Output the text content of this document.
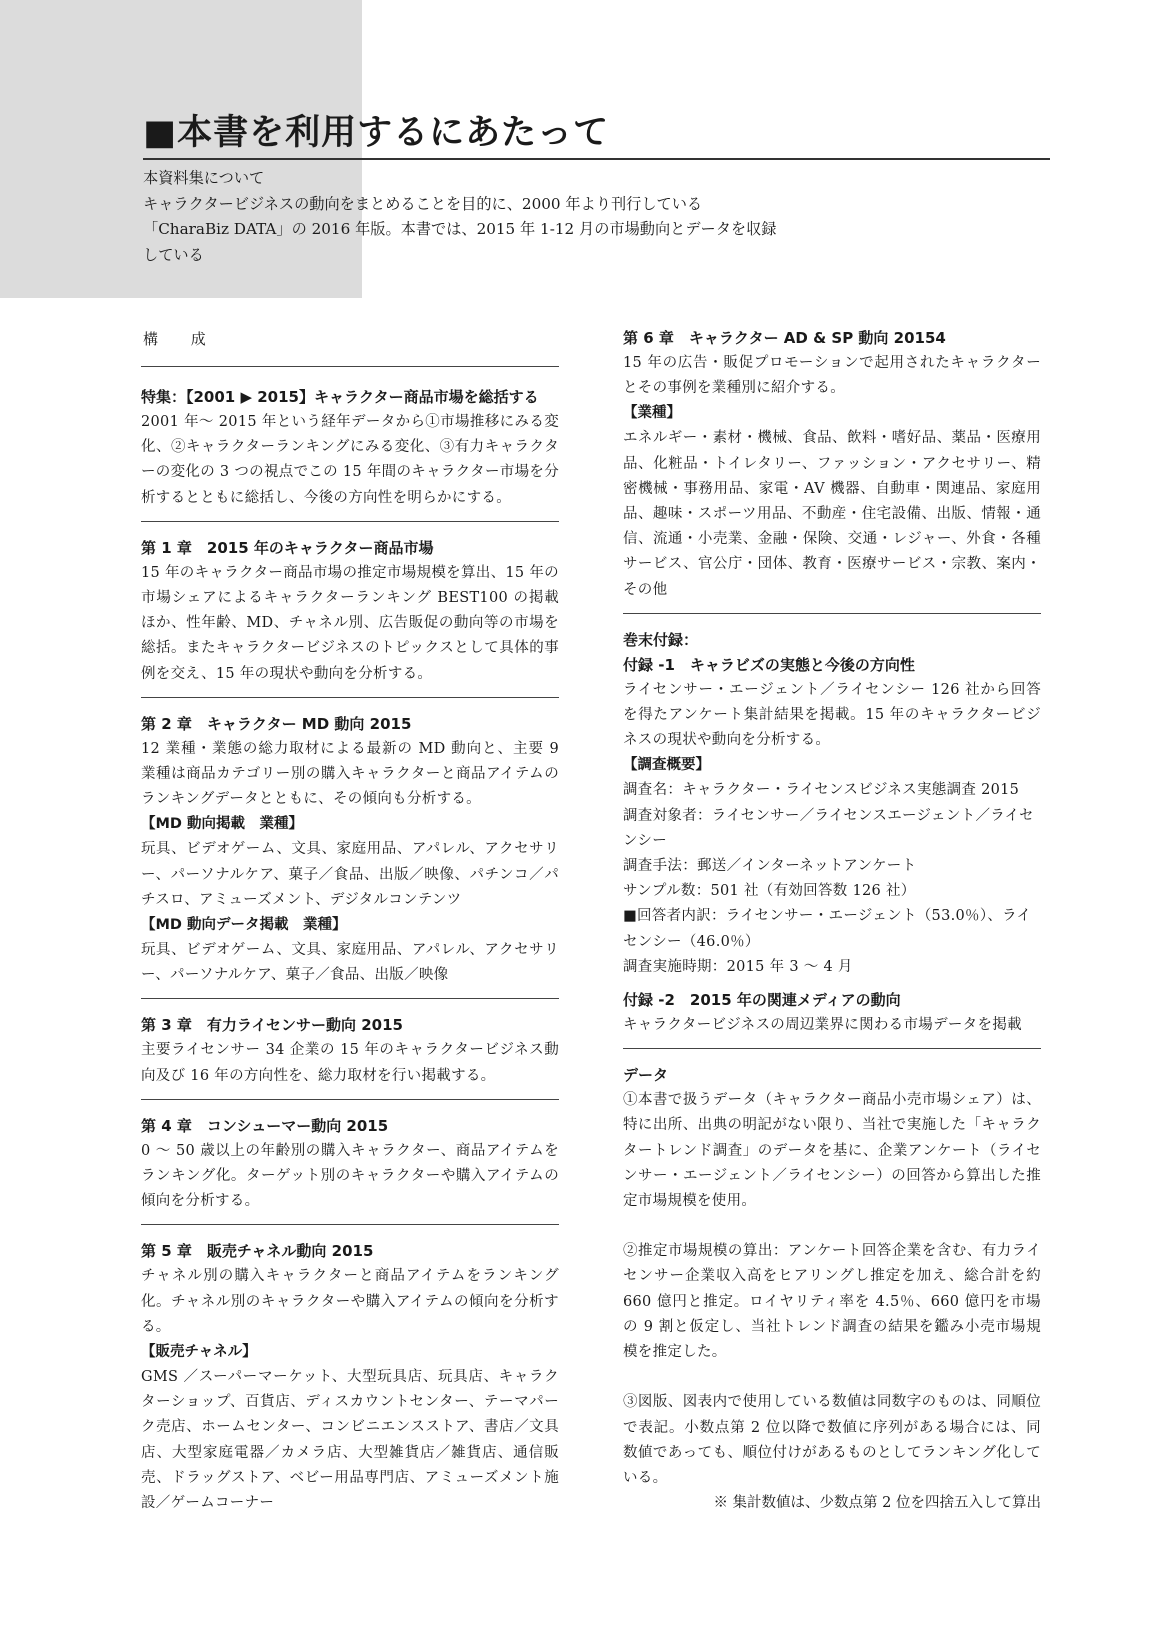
■本書を利用するにあたって

本資料集について

キャラクタービジネスの動向をまとめることを目的に、2000 年より刊行している「CharaBiz DATA」の 2016 年版。本書では、2015 年 1-12 月の市場動向とデータを収録している

構 成
特集：【2001 ▶ 2015】キャラクター商品市場を総括する

2001 年～ 2015 年という経年データから①市場推移にみる変化、②キャラクターランキングにみる変化、③有力キャラクターの変化の 3 つの視点でこの 15 年間のキャラクター市場を分析するとともに総括し、今後の方向性を明らかにする。

第 1 章　2015 年のキャラクター商品市場

15 年のキャラクター商品市場の推定市場規模を算出、15 年の市場シェアによるキャラクターランキング BEST100 の掲載ほか、性年齢、MD、チャネル別、広告販促の動向等の市場を総括。またキャラクタービジネスのトピックスとして具体的事例を交え、15 年の現状や動向を分析する。

第 2 章　キャラクター MD 動向 2015

12 業種・業態の総力取材による最新の MD 動向と、主要 9 業種は商品カテゴリー別の購入キャラクターと商品アイテムのランキングデータとともに、その傾向も分析する。

【MD 動向掲載　業種】

玩具、ビデオゲーム、文具、家庭用品、アパレル、アクセサリー、パーソナルケア、菓子／食品、出版／映像、パチンコ／パチスロ、アミューズメント、デジタルコンテンツ

【MD 動向データ掲載　業種】

玩具、ビデオゲーム、文具、家庭用品、アパレル、アクセサリー、パーソナルケア、菓子／食品、出版／映像

第 3 章　有力ライセンサー動向 2015

主要ライセンサー 34 企業の 15 年のキャラクタービジネス動向及び 16 年の方向性を、総力取材を行い掲載する。

第 4 章　コンシューマー動向 2015

0 ～ 50 歳以上の年齢別の購入キャラクター、商品アイテムをランキング化。ターゲット別のキャラクターや購入アイテムの傾向を分析する。

第 5 章　販売チャネル動向 2015

チャネル別の購入キャラクターと商品アイテムをランキング化。チャネル別のキャラクターや購入アイテムの傾向を分析する。

【販売チャネル】

GMS ／スーパーマーケット、大型玩具店、玩具店、キャラクターショップ、百貨店、ディスカウントセンター、テーマパーク売店、ホームセンター、コンビニエンスストア、書店／文具店、大型家庭電器／カメラ店、大型雑貨店／雑貨店、通信販売、ドラッグストア、ベビー用品専門店、アミューズメント施設／ゲームコーナー

第 6 章　キャラクター AD & SP 動向 20154

15 年の広告・販促プロモーションで起用されたキャラクターとその事例を業種別に紹介する。

【業種】

エネルギー・素材・機械、食品、飲料・嗜好品、薬品・医療用品、化粧品・トイレタリー、ファッション・アクセサリー、精密機械・事務用品、家電・AV 機器、自動車・関連品、家庭用品、趣味・スポーツ用品、不動産・住宅設備、出版、情報・通信、流通・小売業、金融・保険、交通・レジャー、外食・各種サービス、官公庁・団体、教育・医療サービス・宗教、案内・その他

巻末付録：
付録 -1　キャラビズの実態と今後の方向性

ライセンサー・エージェント／ライセンシー 126 社から回答を得たアンケート集計結果を掲載。15 年のキャラクタービジネスの現状や動向を分析する。

【調査概要】

調査名：キャラクター・ライセンスビジネス実態調査 2015

調査対象者：ライセンサー／ライセンスエージェント／ライセンシー

調査手法：郵送／インターネットアンケート

サンプル数：501 社（有効回答数 126 社）

■回答者内訳：ライセンサー・エージェント（53.0％）、ライセンシー（46.0％）

調査実施時期：2015 年 3 ～ 4 月

付録 -2　2015 年の関連メディアの動向

キャラクタービジネスの周辺業界に関わる市場データを掲載

データ

①本書で扱うデータ（キャラクター商品小売市場シェア）は、特に出所、出典の明記がない限り、当社で実施した「キャラクタートレンド調査」のデータを基に、企業アンケート（ライセンサー・エージェント／ライセンシー）の回答から算出した推定市場規模を使用。

②推定市場規模の算出：アンケート回答企業を含む、有力ライセンサー企業収入高をヒアリングし推定を加え、総合計を約 660 億円と推定。ロイヤリティ率を 4.5％、660 億円を市場の 9 割と仮定し、当社トレンド調査の結果を鑑み小売市場規模を推定した。

③図版、図表内で使用している数値は同数字のものは、同順位で表記。小数点第 2 位以降で数値に序列がある場合には、同数値であっても、順位付けがあるものとしてランキング化している。

※ 集計数値は、少数点第 2 位を四捨五入して算出
